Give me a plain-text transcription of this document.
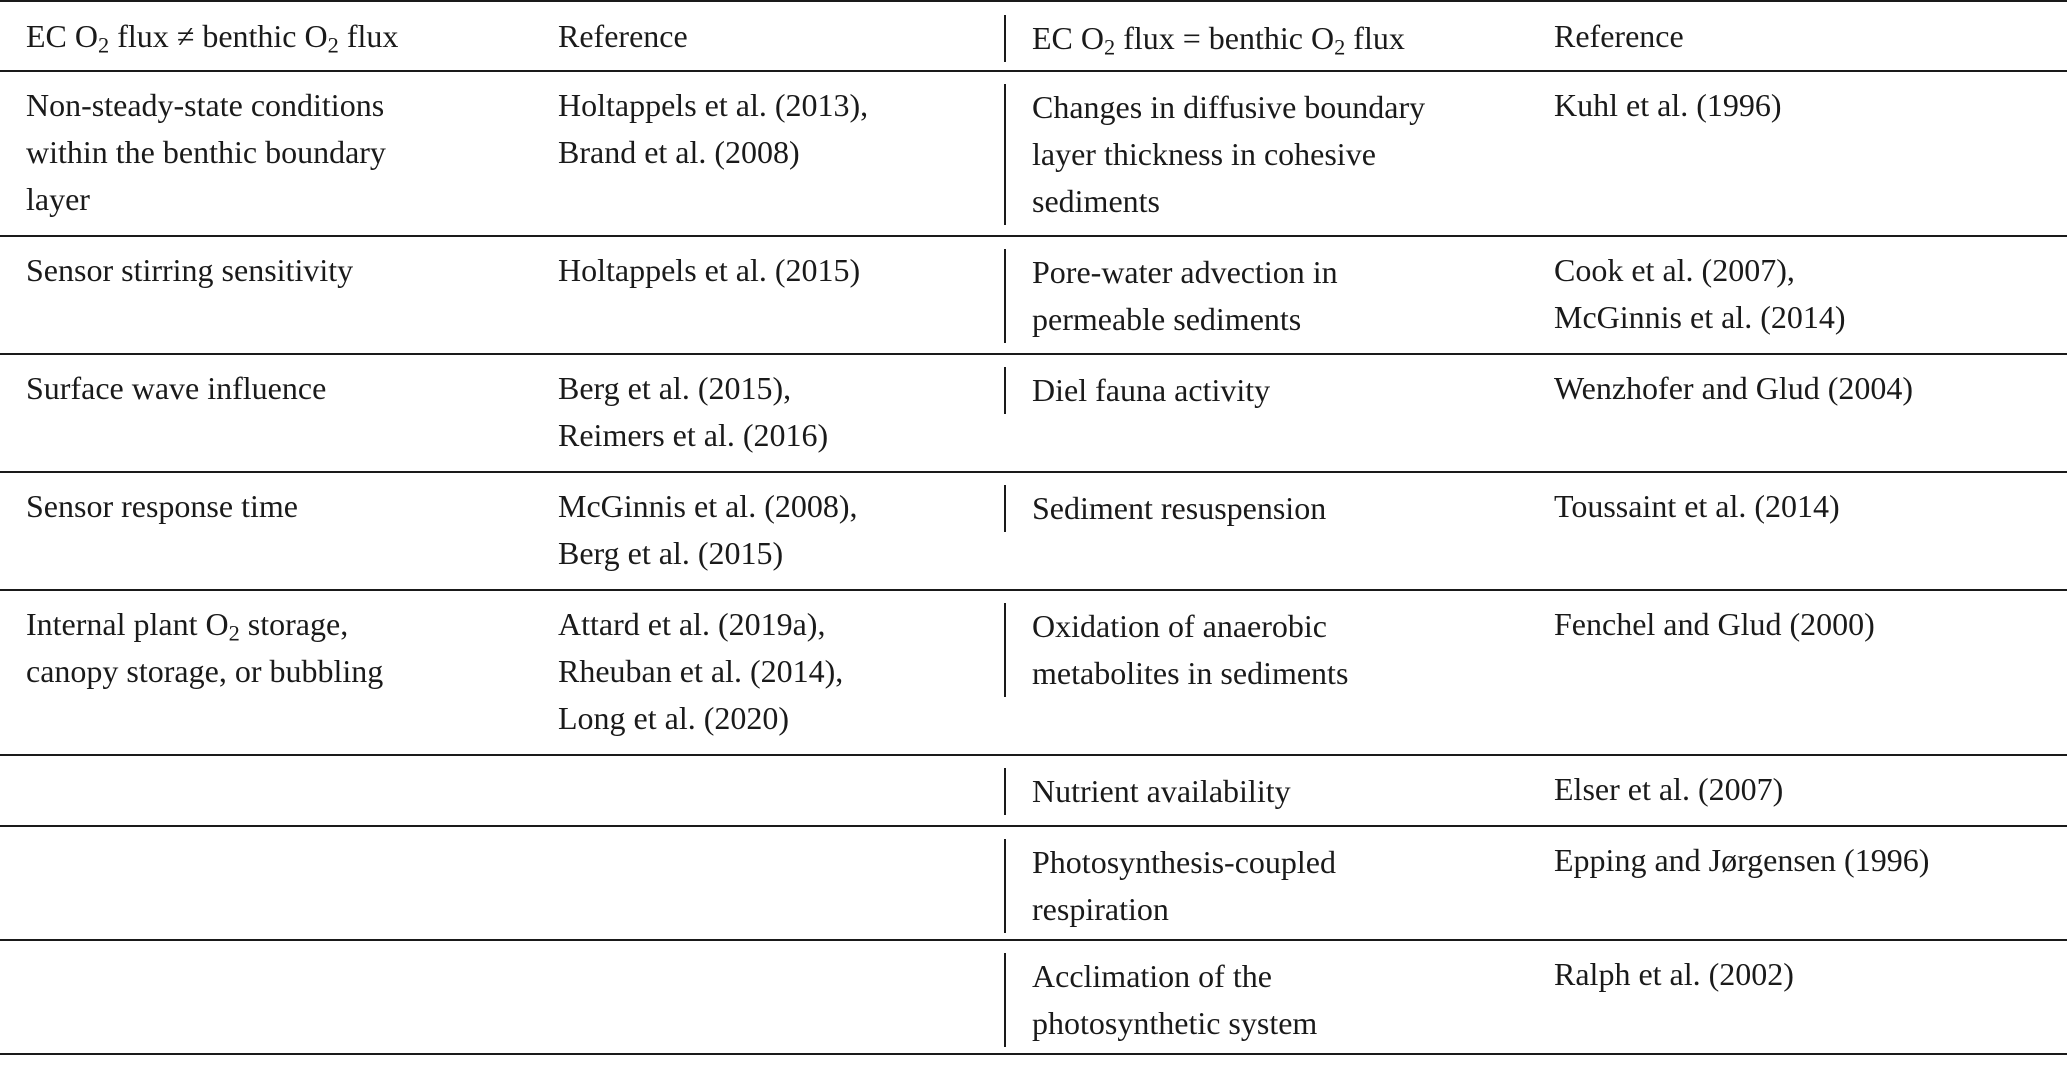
EC $O_2$ flux ≠ benthic $O_2$ flux	Reference	EC $O_2$ flux = benthic $O_2$ flux	Reference
Non-steady-state conditions
within the benthic boundary
layer	Holtappels et al. (2013),
Brand et al. (2008)	Changes in diffusive boundary
layer thickness in cohesive
sediments	Kuhl et al. (1996)
Sensor stirring sensitivity	Holtappels et al. (2015)	Pore-water advection in
permeable sediments	Cook et al. (2007),
McGinnis et al. (2014)
Surface wave influence	Berg et al. (2015),
Reimers et al. (2016)	Diel fauna activity	Wenzhofer and Glud (2004)
Sensor response time	McGinnis et al. (2008),
Berg et al. (2015)	Sediment resuspension	Toussaint et al. (2014)
Internal plant $O_2$ storage,
canopy storage, or bubbling	Attard et al. (2019a),
Rheuban et al. (2014),
Long et al. (2020)	Oxidation of anaerobic
metabolites in sediments	Fenchel and Glud (2000)

		Nutrient availability	Elser et al. (2007)

		Photosynthesis-coupled
respiration	Epping and Jørgensen (1996)

		Acclimation of the
photosynthetic system	Ralph et al. (2002)
